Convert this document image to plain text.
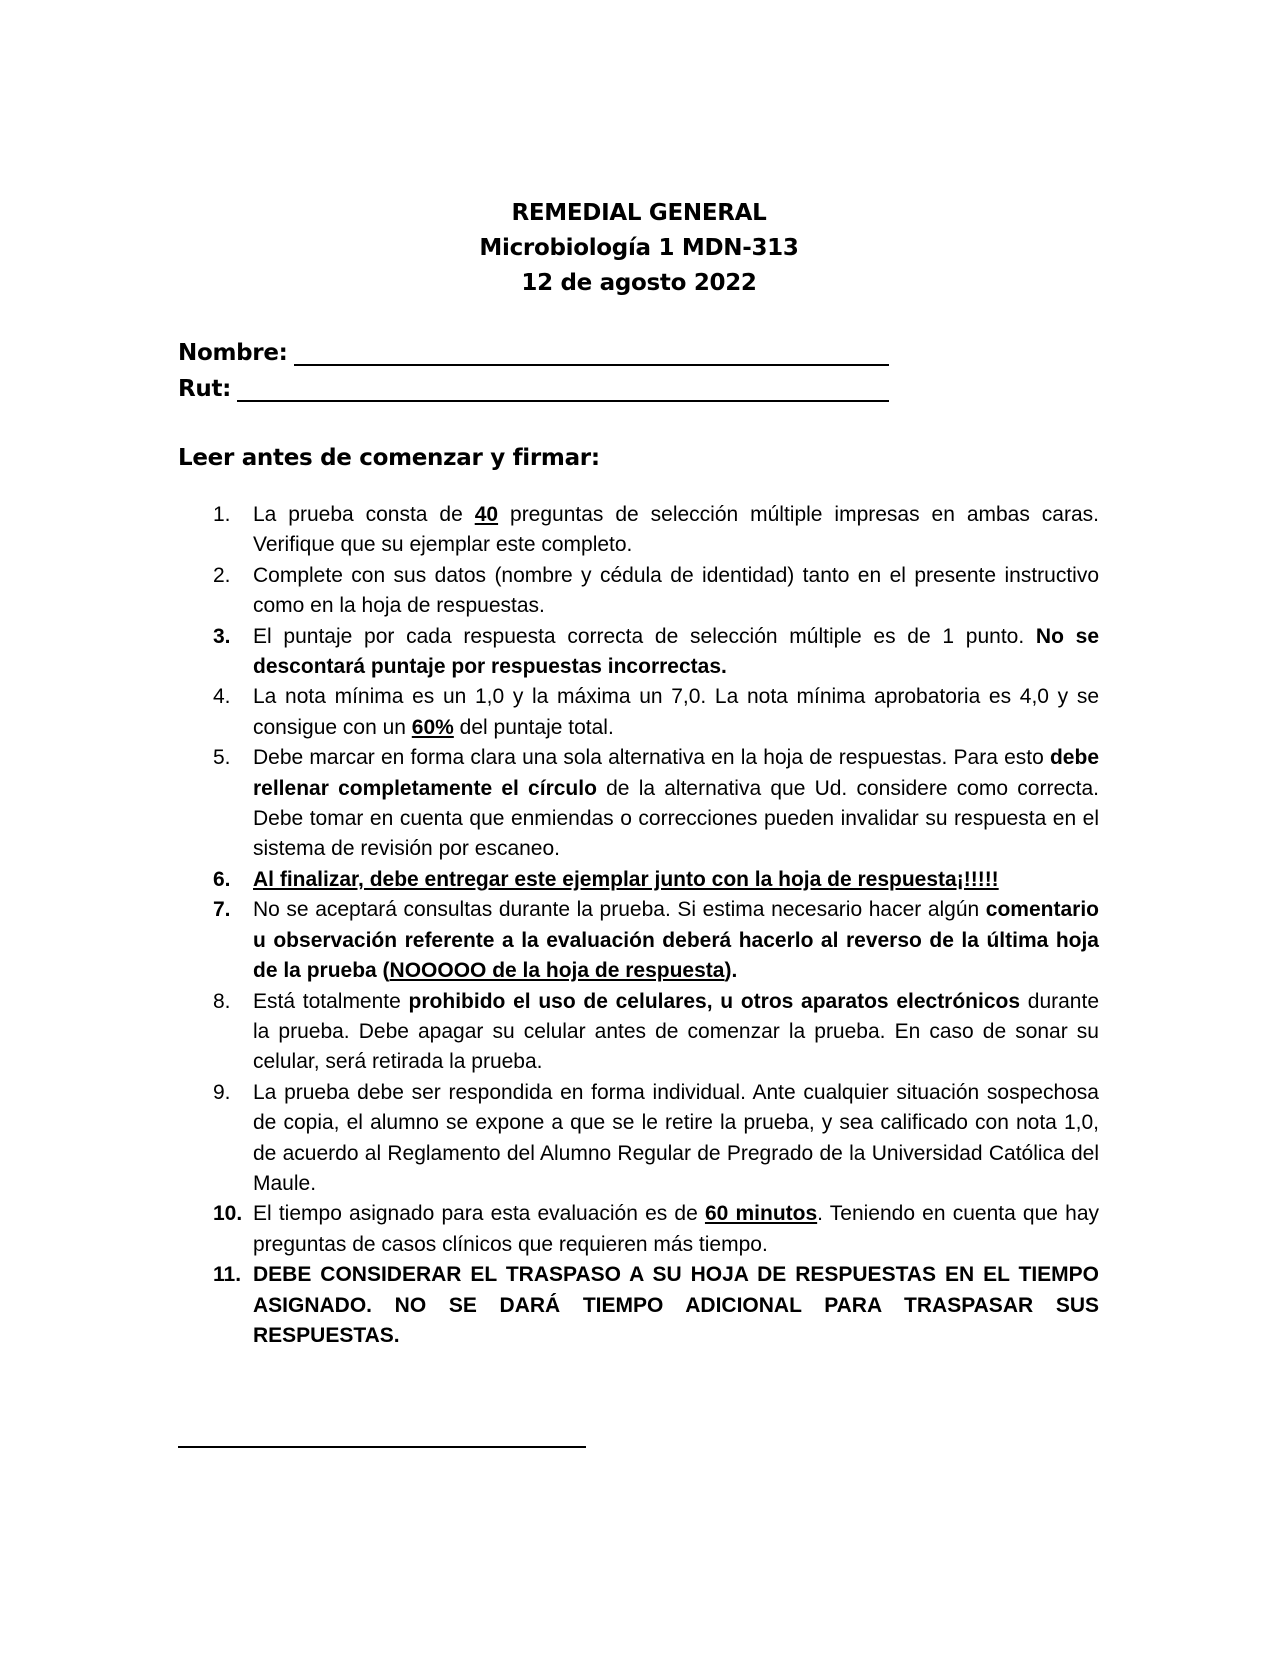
REMEDIAL GENERAL
Microbiología 1 MDN-313
12 de agosto 2022
Nombre:
Rut:
Leer antes de comenzar y firmar:
1. La prueba consta de 40 preguntas de selección múltiple impresas en ambas caras. Verifique que su ejemplar este completo.
2. Complete con sus datos (nombre y cédula de identidad) tanto en el presente instructivo como en la hoja de respuestas.
3. El puntaje por cada respuesta correcta de selección múltiple es de 1 punto. No se descontará puntaje por respuestas incorrectas.
4. La nota mínima es un 1,0 y la máxima un 7,0. La nota mínima aprobatoria es 4,0 y se consigue con un 60% del puntaje total.
5. Debe marcar en forma clara una sola alternativa en la hoja de respuestas. Para esto debe rellenar completamente el círculo de la alternativa que Ud. considere como correcta. Debe tomar en cuenta que enmiendas o correcciones pueden invalidar su respuesta en el sistema de revisión por escaneo.
6. Al finalizar, debe entregar este ejemplar junto con la hoja de respuesta¡!!!!!
7. No se aceptará consultas durante la prueba. Si estima necesario hacer algún comentario u observación referente a la evaluación deberá hacerlo al reverso de la última hoja de la prueba (NOOOOO de la hoja de respuesta).
8. Está totalmente prohibido el uso de celulares, u otros aparatos electrónicos durante la prueba. Debe apagar su celular antes de comenzar la prueba. En caso de sonar su celular, será retirada la prueba.
9. La prueba debe ser respondida en forma individual. Ante cualquier situación sospechosa de copia, el alumno se expone a que se le retire la prueba, y sea calificado con nota 1,0, de acuerdo al Reglamento del Alumno Regular de Pregrado de la Universidad Católica del Maule.
10. El tiempo asignado para esta evaluación es de 60 minutos. Teniendo en cuenta que hay preguntas de casos clínicos que requieren más tiempo.
11. DEBE CONSIDERAR EL TRASPASO A SU HOJA DE RESPUESTAS EN EL TIEMPO ASIGNADO. NO SE DARÁ TIEMPO ADICIONAL PARA TRASPASAR SUS RESPUESTAS.
